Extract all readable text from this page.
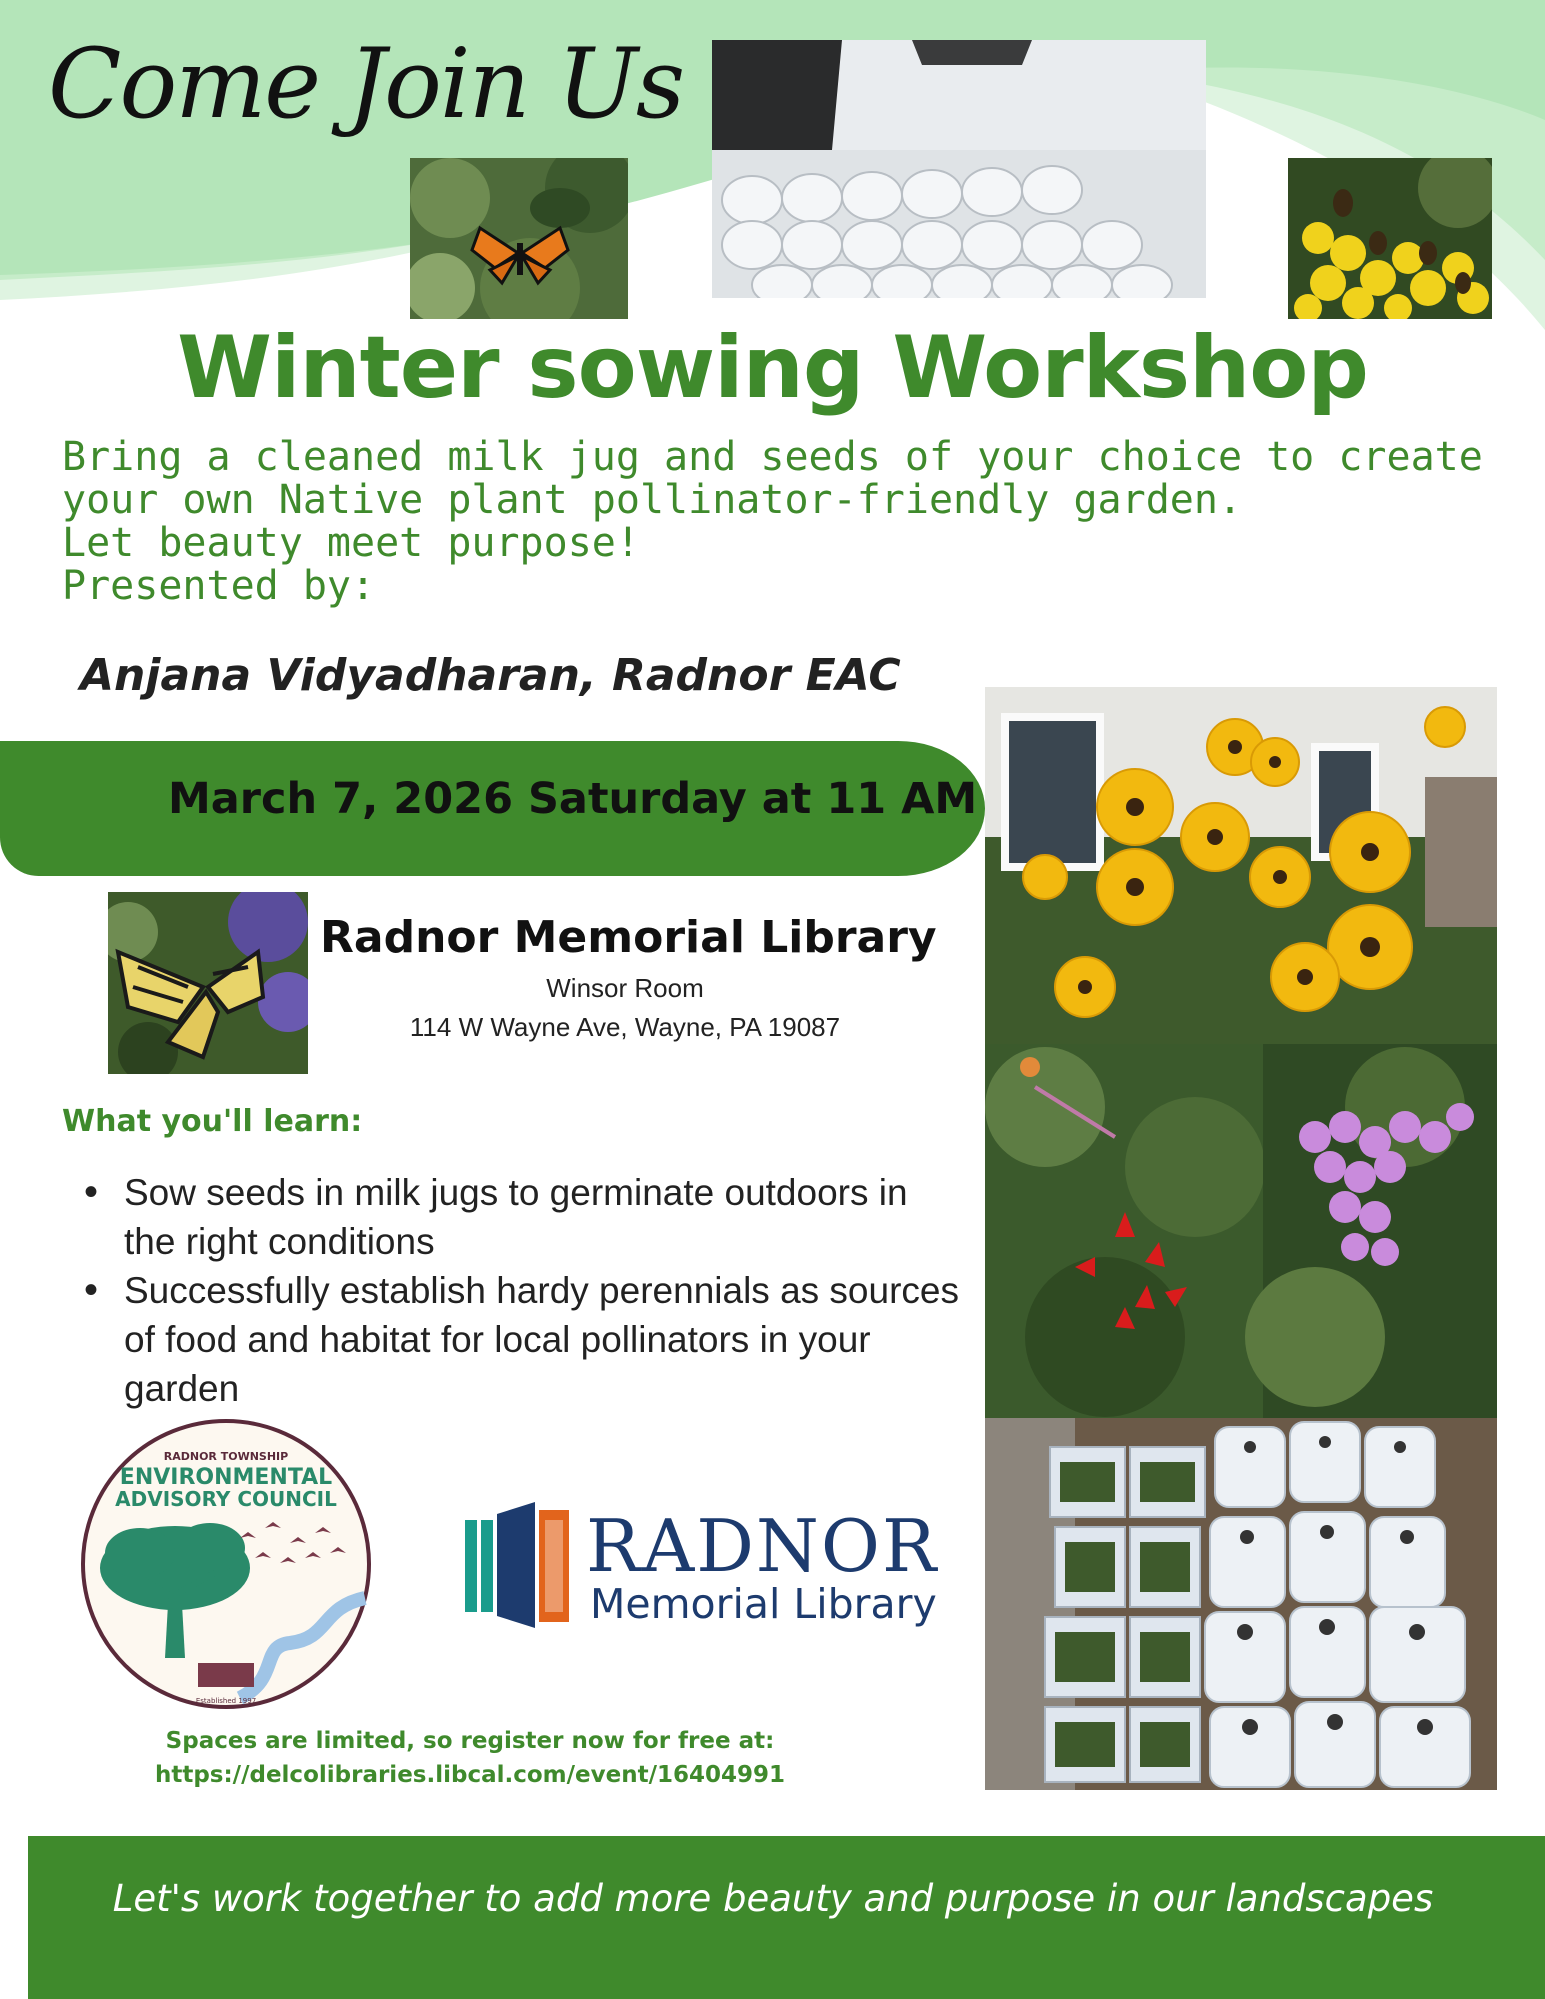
Come Join Us
Winter sowing Workshop
Bring a cleaned milk jug and seeds of your choice to create
your own Native plant pollinator-friendly garden.
Let beauty meet purpose!
Presented by:
Anjana Vidyadharan, Radnor EAC
March 7, 2026 Saturday at 11 AM
Radnor Memorial Library
Winsor Room
114 W Wayne Ave, Wayne, PA 19087
What you'll learn:
• Sow seeds in milk jugs to germinate outdoors in the right conditions
• Successfully establish hardy perennials as sources of food and habitat for local pollinators in your garden
RADNOR TOWNSHIP
ENVIRONMENTAL
ADVISORY COUNCIL
Established 1997
RADNOR
Memorial Library
Spaces are limited, so register now for free at:
https://delcolibraries.libcal.com/event/16404991
Let's work together to add more beauty and purpose in our landscapes
